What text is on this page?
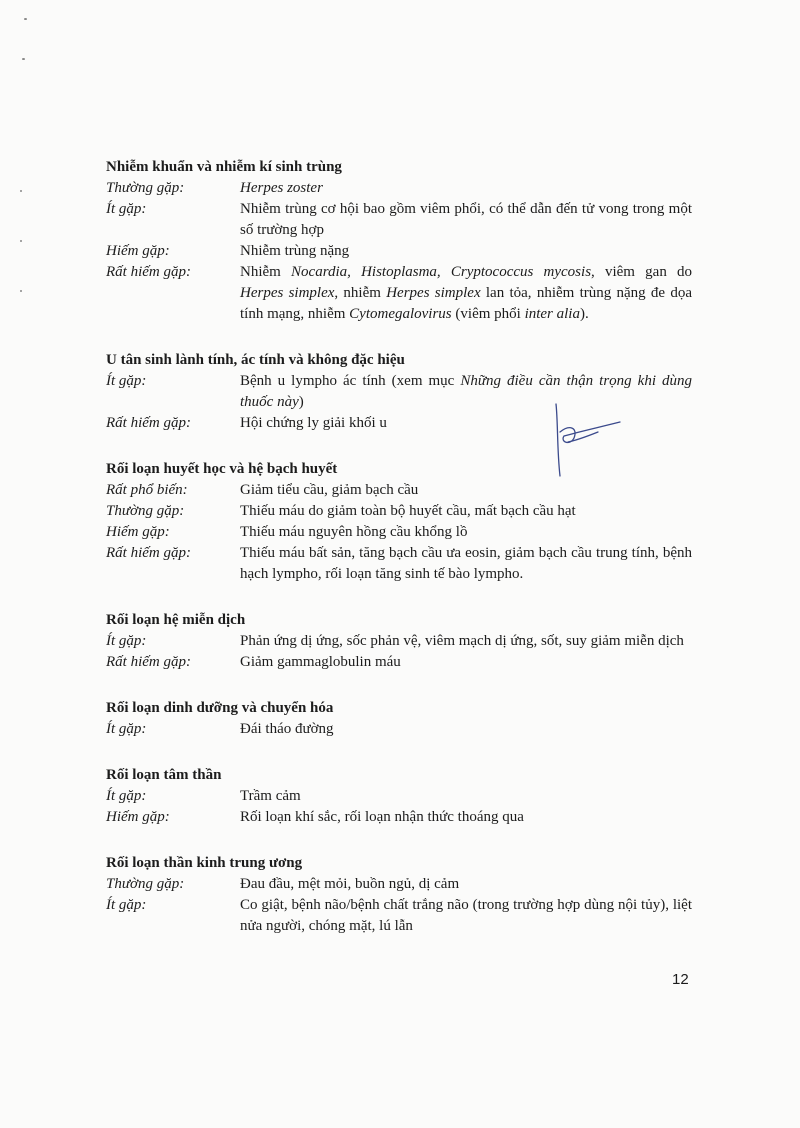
Nhiễm khuẩn và nhiễm kí sinh trùng
Thường gặp:	Herpes zoster
Ít gặp:	Nhiễm trùng cơ hội bao gồm viêm phổi, có thể dẫn đến tử vong trong một số trường hợp
Hiếm gặp:	Nhiễm trùng nặng
Rất hiếm gặp:	Nhiễm Nocardia, Histoplasma, Cryptococcus mycosis, viêm gan do Herpes simplex, nhiễm Herpes simplex lan tỏa, nhiễm trùng nặng đe dọa tính mạng, nhiễm Cytomegalovirus (viêm phổi inter alia).
U tân sinh lành tính, ác tính và không đặc hiệu
Ít gặp:	Bệnh u lympho ác tính (xem mục Những điều cần thận trọng khi dùng thuốc này)
Rất hiếm gặp:	Hội chứng ly giải khối u
Rối loạn huyết học và hệ bạch huyết
Rất phổ biến:	Giảm tiểu cầu, giảm bạch cầu
Thường gặp:	Thiếu máu do giảm toàn bộ huyết cầu, mất bạch cầu hạt
Hiếm gặp:	Thiếu máu nguyên hồng cầu khổng lồ
Rất hiếm gặp:	Thiếu máu bất sản, tăng bạch cầu ưa eosin, giảm bạch cầu trung tính, bệnh hạch lympho, rối loạn tăng sinh tế bào lympho.
Rối loạn hệ miễn dịch
Ít gặp:	Phản ứng dị ứng, sốc phản vệ, viêm mạch dị ứng, sốt, suy giảm miễn dịch
Rất hiếm gặp:	Giảm gammaglobulin máu
Rối loạn dinh dưỡng và chuyển hóa
Ít gặp:	Đái tháo đường
Rối loạn tâm thần
Ít gặp:	Trầm cảm
Hiếm gặp:	Rối loạn khí sắc, rối loạn nhận thức thoáng qua
Rối loạn thần kinh trung ương
Thường gặp:	Đau đầu, mệt mỏi, buồn ngủ, dị cảm
Ít gặp:	Co giật, bệnh não/bệnh chất trắng não (trong trường hợp dùng nội tủy), liệt nửa người, chóng mặt, lú lẫn
12
